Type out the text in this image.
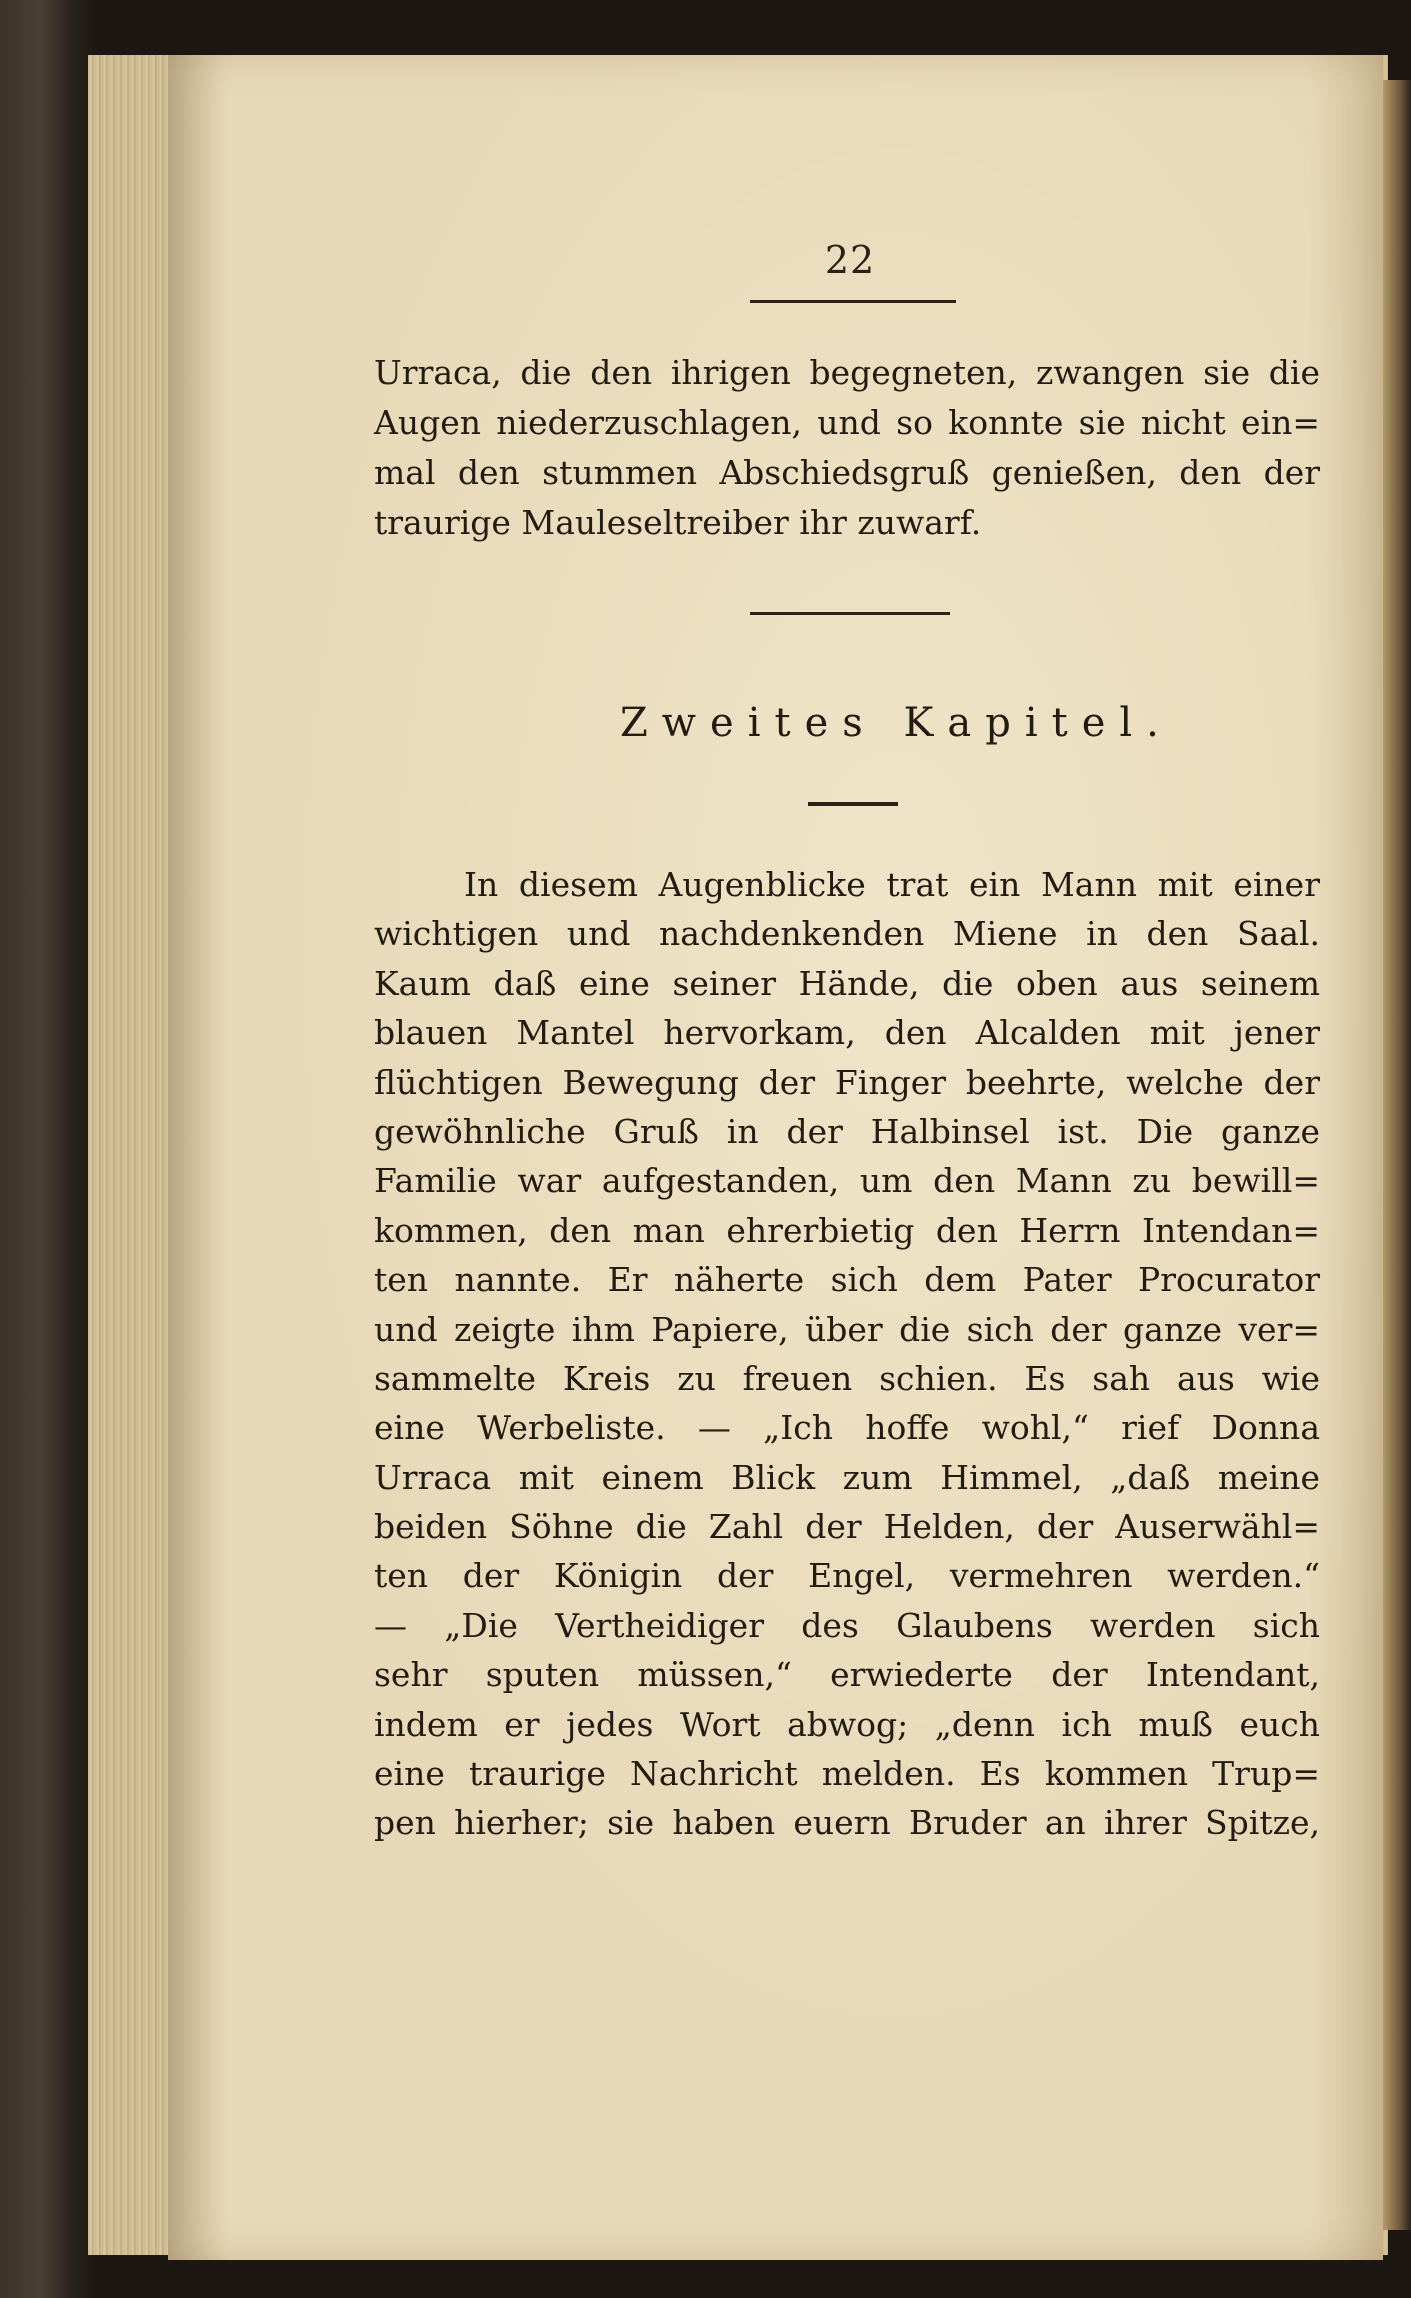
22
Urraca, die den ihrigen begegneten, zwangen sie die
Augen niederzuschlagen, und so konnte sie nicht ein=
mal den stummen Abschiedsgruß genießen, den der
traurige Mauleseltreiber ihr zuwarf.
Zweites Kapitel.
In diesem Augenblicke trat ein Mann mit einer
wichtigen und nachdenkenden Miene in den Saal.
Kaum daß eine seiner Hände, die oben aus seinem
blauen Mantel hervorkam, den Alcalden mit jener
flüchtigen Bewegung der Finger beehrte, welche der
gewöhnliche Gruß in der Halbinsel ist. Die ganze
Familie war aufgestanden, um den Mann zu bewill=
kommen, den man ehrerbietig den Herrn Intendan=
ten nannte. Er näherte sich dem Pater Procurator
und zeigte ihm Papiere, über die sich der ganze ver=
sammelte Kreis zu freuen schien. Es sah aus wie
eine Werbeliste. — „Ich hoffe wohl,“ rief Donna
Urraca mit einem Blick zum Himmel, „daß meine
beiden Söhne die Zahl der Helden, der Auserwähl=
ten der Königin der Engel, vermehren werden.“
— „Die Vertheidiger des Glaubens werden sich
sehr sputen müssen,“ erwiederte der Intendant,
indem er jedes Wort abwog; „denn ich muß euch
eine traurige Nachricht melden. Es kommen Trup=
pen hierher; sie haben euern Bruder an ihrer Spitze,
